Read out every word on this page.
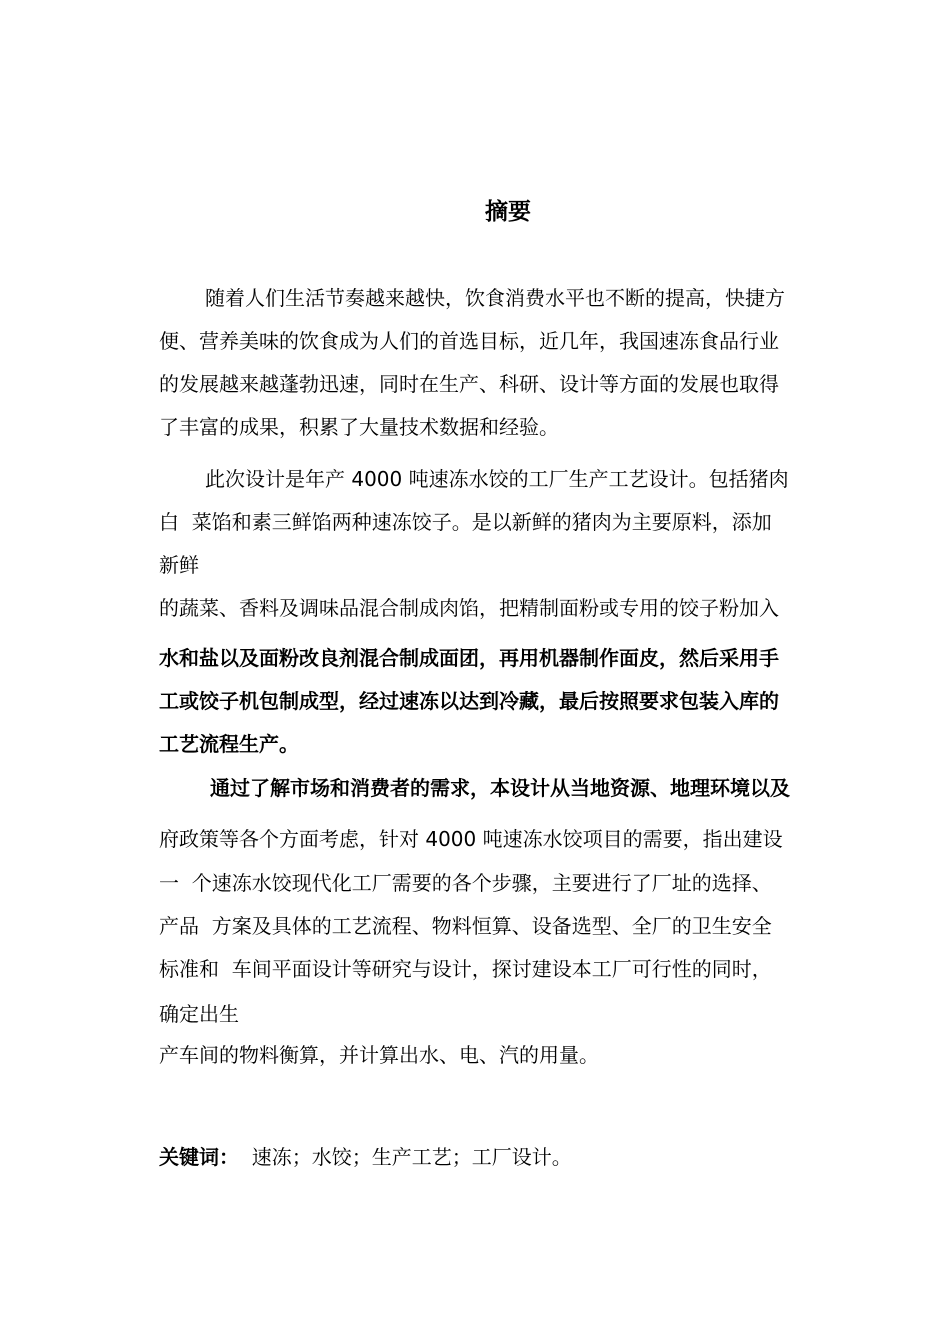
摘要

随着人们生活节奏越来越快，饮食消费水平也不断的提高，快捷方

便、营养美味的饮食成为人们的首选目标，近几年，我国速冻食品行业

的发展越来越蓬勃迅速，同时在生产、科研、设计等方面的发展也取得

了丰富的成果，积累了大量技术数据和经验。

此次设计是年产 4000 吨速冻水饺的工厂生产工艺设计。包括猪肉

白  菜馅和素三鲜馅两种速冻饺子。是以新鲜的猪肉为主要原料，添加

新鲜

的蔬菜、香料及调味品混合制成肉馅，把精制面粉或专用的饺子粉加入

水和盐以及面粉改良剂混合制成面团，再用机器制作面皮，然后采用手

工或饺子机包制成型，经过速冻以达到冷藏，最后按照要求包装入库的

工艺流程生产。

通过了解市场和消费者的需求，本设计从当地资源、地理环境以及

府政策等各个方面考虑，针对 4000 吨速冻水饺项目的需要，指出建设

一  个速冻水饺现代化工厂需要的各个步骤，主要进行了厂址的选择、

产品  方案及具体的工艺流程、物料恒算、设备选型、全厂的卫生安全

标准和  车间平面设计等研究与设计，探讨建设本工厂可行性的同时，

确定出生

产车间的物料衡算，并计算出水、电、汽的用量。

关键词： 速冻；水饺；生产工艺；工厂设计。
